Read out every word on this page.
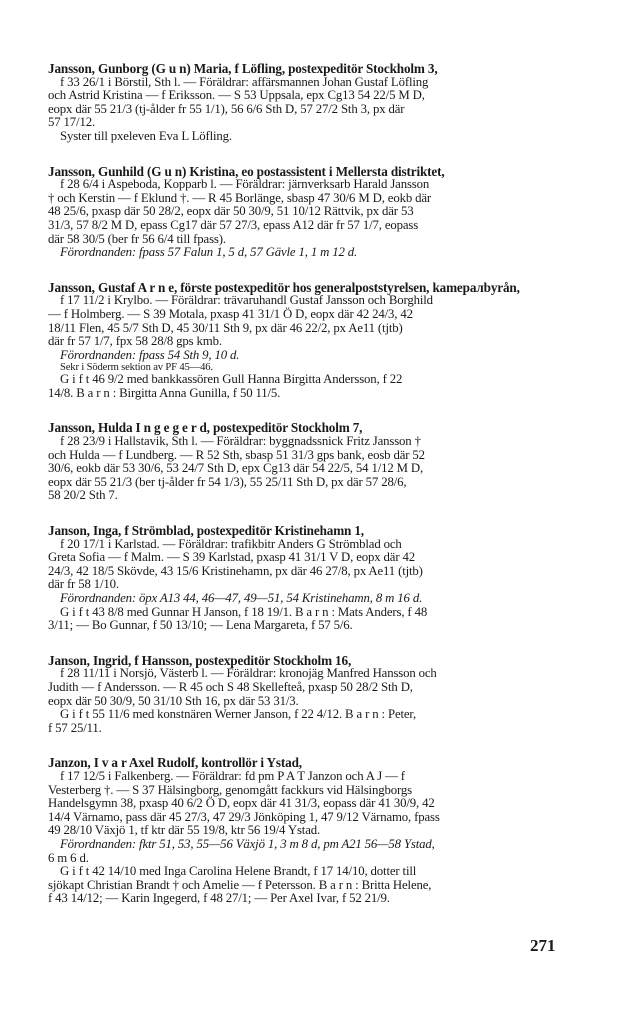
Jansson, Gunborg (G u n) Maria, f Löfling, postexpeditör Stockholm 3,
f 33 26/1 i Börstil, Sth l. — Föräldrar: affärsmannen Johan Gustaf Löfling
och Astrid Kristina — f Eriksson. — S 53 Uppsala, epx Cg13 54 22/5 M D,
eopx där 55 21/3 (tj-ålder fr 55 1/1), 56 6/6 Sth D, 57 27/2 Sth 3, px där
57 17/12.
Syster till pxeleven Eva L Löfling.
Jansson, Gunhild (G u n) Kristina, eo postassistent i Mellersta distriktet,
f 28 6/4 i Aspeboda, Kopparb l. — Föräldrar: järnverksarb Harald Jansson
† och Kerstin — f Eklund †. — R 45 Borlänge, sbasp 47 30/6 M D, eokb där
48 25/6, pxasp där 50 28/2, eopx där 50 30/9, 51 10/12 Rättvik, px där 53
31/3, 57 8/2 M D, epass Cg17 där 57 27/3, epass A12 där fr 57 1/7, eopass
där 58 30/5 (ber fr 56 6/4 till fpass).
Förordnanden: fpass 57 Falun 1, 5 d, 57 Gävle 1, 1 m 12 d.
Jansson, Gustaf A r n e, förste postexpeditör hos generalpoststyrelsen, kamералbyrån,
f 17 11/2 i Krylbo. — Föräldrar: trävaruhandl Gustaf Jansson och Borghild
— f Holmberg. — S 39 Motala, pxasp 41 31/1 Ö D, eopx där 42 24/3, 42
18/11 Flen, 45 5/7 Sth D, 45 30/11 Sth 9, px där 46 22/2, px Ae11 (tjtb)
där fr 57 1/7, fpx 58 28/8 gps kmb.
Förordnanden: fpass 54 Sth 9, 10 d.
Sekr i Söderm sektion av PF 45—46.
G i f t 46 9/2 med bankkassören Gull Hanna Birgitta Andersson, f 22
14/8. B a r n : Birgitta Anna Gunilla, f 50 11/5.
Jansson, Hulda I n g e g e r d, postexpeditör Stockholm 7,
f 28 23/9 i Hallstavik, Sth l. — Föräldrar: byggnadssnick Fritz Jansson †
och Hulda — f Lundberg. — R 52 Sth, sbasp 51 31/3 gps bank, eosb där 52
30/6, eokb där 53 30/6, 53 24/7 Sth D, epx Cg13 där 54 22/5, 54 1/12 M D,
eopx där 55 21/3 (ber tj-ålder fr 54 1/3), 55 25/11 Sth D, px där 57 28/6,
58 20/2 Sth 7.
Janson, Inga, f Strömblad, postexpeditör Kristinehamn 1,
f 20 17/1 i Karlstad. — Föräldrar: trafikbitr Anders G Strömblad och
Greta Sofia — f Malm. — S 39 Karlstad, pxasp 41 31/1 V D, eopx där 42
24/3, 42 18/5 Skövde, 43 15/6 Kristinehamn, px där 46 27/8, px Ae11 (tjtb)
där fr 58 1/10.
Förordnanden: öpx A13 44, 46—47, 49—51, 54 Kristinehamn, 8 m 16 d.
G i f t 43 8/8 med Gunnar H Janson, f 18 19/1. B a r n : Mats Anders, f 48
3/11; — Bo Gunnar, f 50 13/10; — Lena Margareta, f 57 5/6.
Janson, Ingrid, f Hansson, postexpeditör Stockholm 16,
f 28 11/11 i Norsjö, Västerb l. — Föräldrar: kronojäg Manfred Hansson och
Judith — f Andersson. — R 45 och S 48 Skellefteå, pxasp 50 28/2 Sth D,
eopx där 50 30/9, 50 31/10 Sth 16, px där 53 31/3.
G i f t 55 11/6 med konstnären Werner Janson, f 22 4/12. B a r n : Peter,
f 57 25/11.
Janzon, I v a r Axel Rudolf, kontrollör i Ystad,
f 17 12/5 i Falkenberg. — Föräldrar: fd pm P A T Janzon och A J — f
Vesterberg †. — S 37 Hälsingborg, genomgått fackkurs vid Hälsingborgs
Handelsgymn 38, pxasp 40 6/2 Ö D, eopx där 41 31/3, eopass där 41 30/9, 42
14/4 Värnamo, pass där 45 27/3, 47 29/3 Jönköping 1, 47 9/12 Värnamo, fpass
49 28/10 Växjö 1, tf ktr där 55 19/8, ktr 56 19/4 Ystad.
Förordnanden: fktr 51, 53, 55—56 Växjö 1, 3 m 8 d, pm A21 56—58 Ystad,
6 m 6 d.
G i f t 42 14/10 med Inga Carolina Helene Brandt, f 17 14/10, dotter till
sjökapt Christian Brandt † och Amelie — f Petersson. B a r n : Britta Helene,
f 43 14/12; — Karin Ingegerd, f 48 27/1; — Per Axel Ivar, f 52 21/9.
271
